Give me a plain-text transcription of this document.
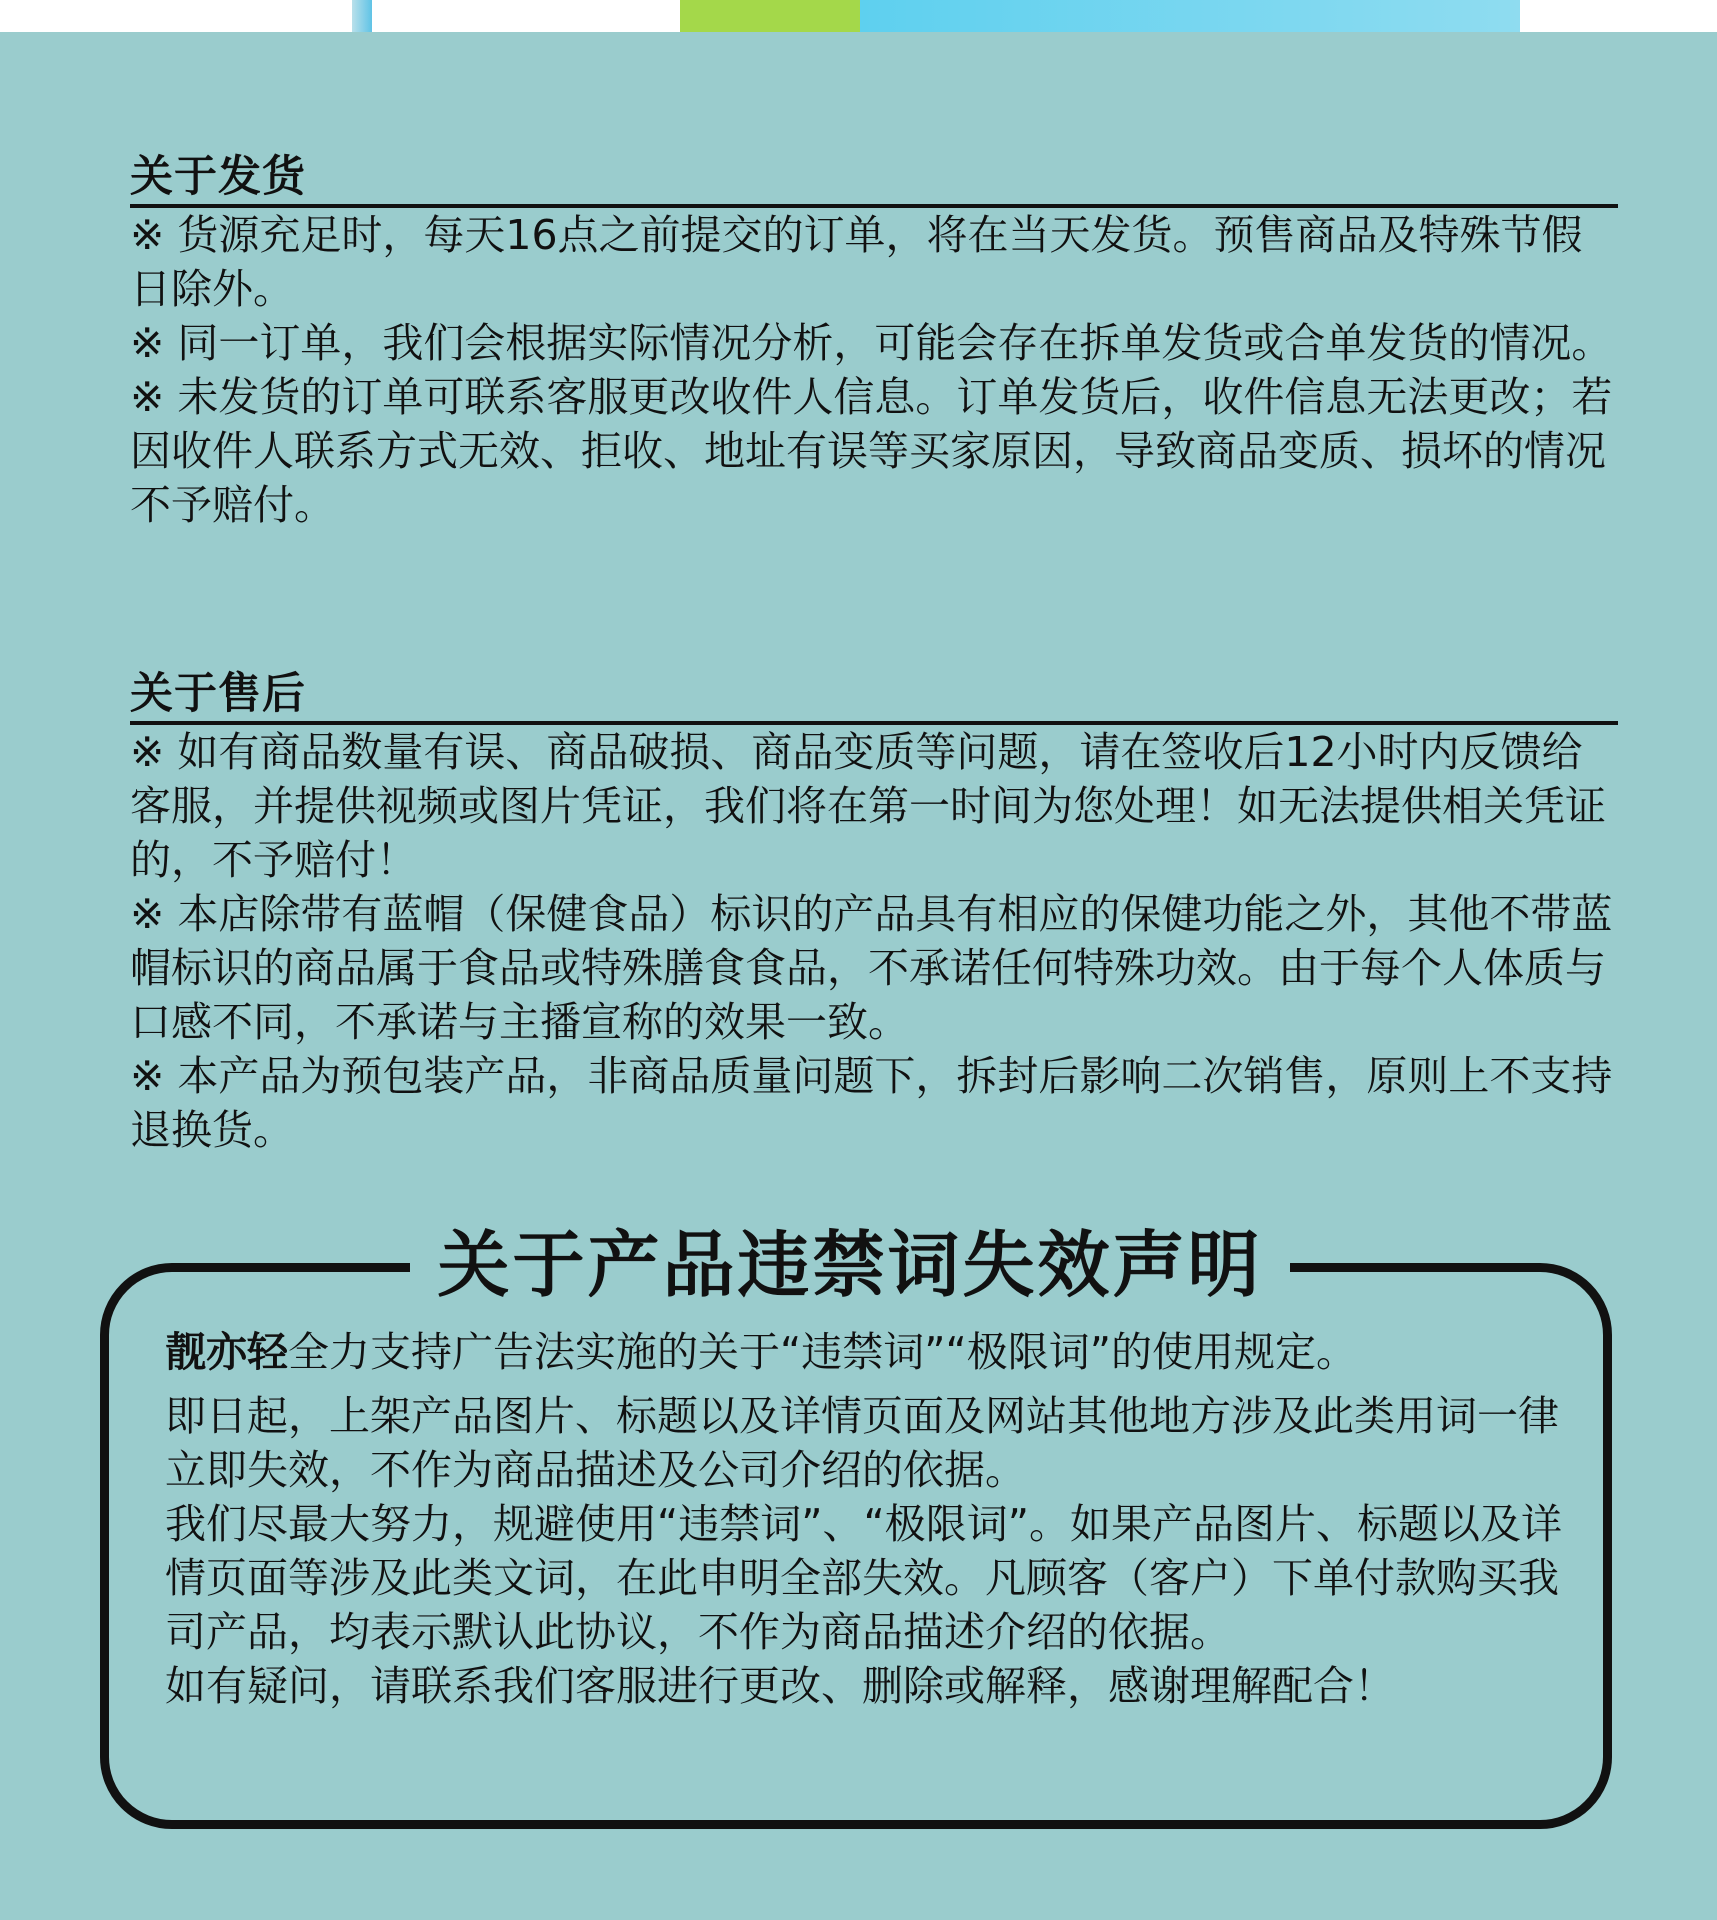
关于发货

※ 货源充足时，每天16点之前提交的订单，将在当天发货。预售商品及特殊节假日除外。

※ 同一订单，我们会根据实际情况分析，可能会存在拆单发货或合单发货的情况。

※ 未发货的订单可联系客服更改收件人信息。订单发货后，收件信息无法更改；若因收件人联系方式无效、拒收、地址有误等买家原因，导致商品变质、损坏的情况不予赔付。

关于售后

※ 如有商品数量有误、商品破损、商品变质等问题，请在签收后12小时内反馈给客服，并提供视频或图片凭证，我们将在第一时间为您处理！如无法提供相关凭证的，不予赔付！

※ 本店除带有蓝帽（保健食品）标识的产品具有相应的保健功能之外，其他不带蓝帽标识的商品属于食品或特殊膳食食品，不承诺任何特殊功效。由于每个人体质与口感不同，不承诺与主播宣称的效果一致。

※ 本产品为预包装产品，非商品质量问题下，拆封后影响二次销售，原则上不支持退换货。

关于产品违禁词失效声明

靓亦轻全力支持广告法实施的关于“违禁词”“极限词”的使用规定。

即日起，上架产品图片、标题以及详情页面及网站其他地方涉及此类用词一律立即失效，不作为商品描述及公司介绍的依据。

我们尽最大努力，规避使用“违禁词”、“极限词”。如果产品图片、标题以及详情页面等涉及此类文词，在此申明全部失效。凡顾客（客户）下单付款购买我司产品，均表示默认此协议，不作为商品描述介绍的依据。

如有疑问，请联系我们客服进行更改、删除或解释，感谢理解配合！
